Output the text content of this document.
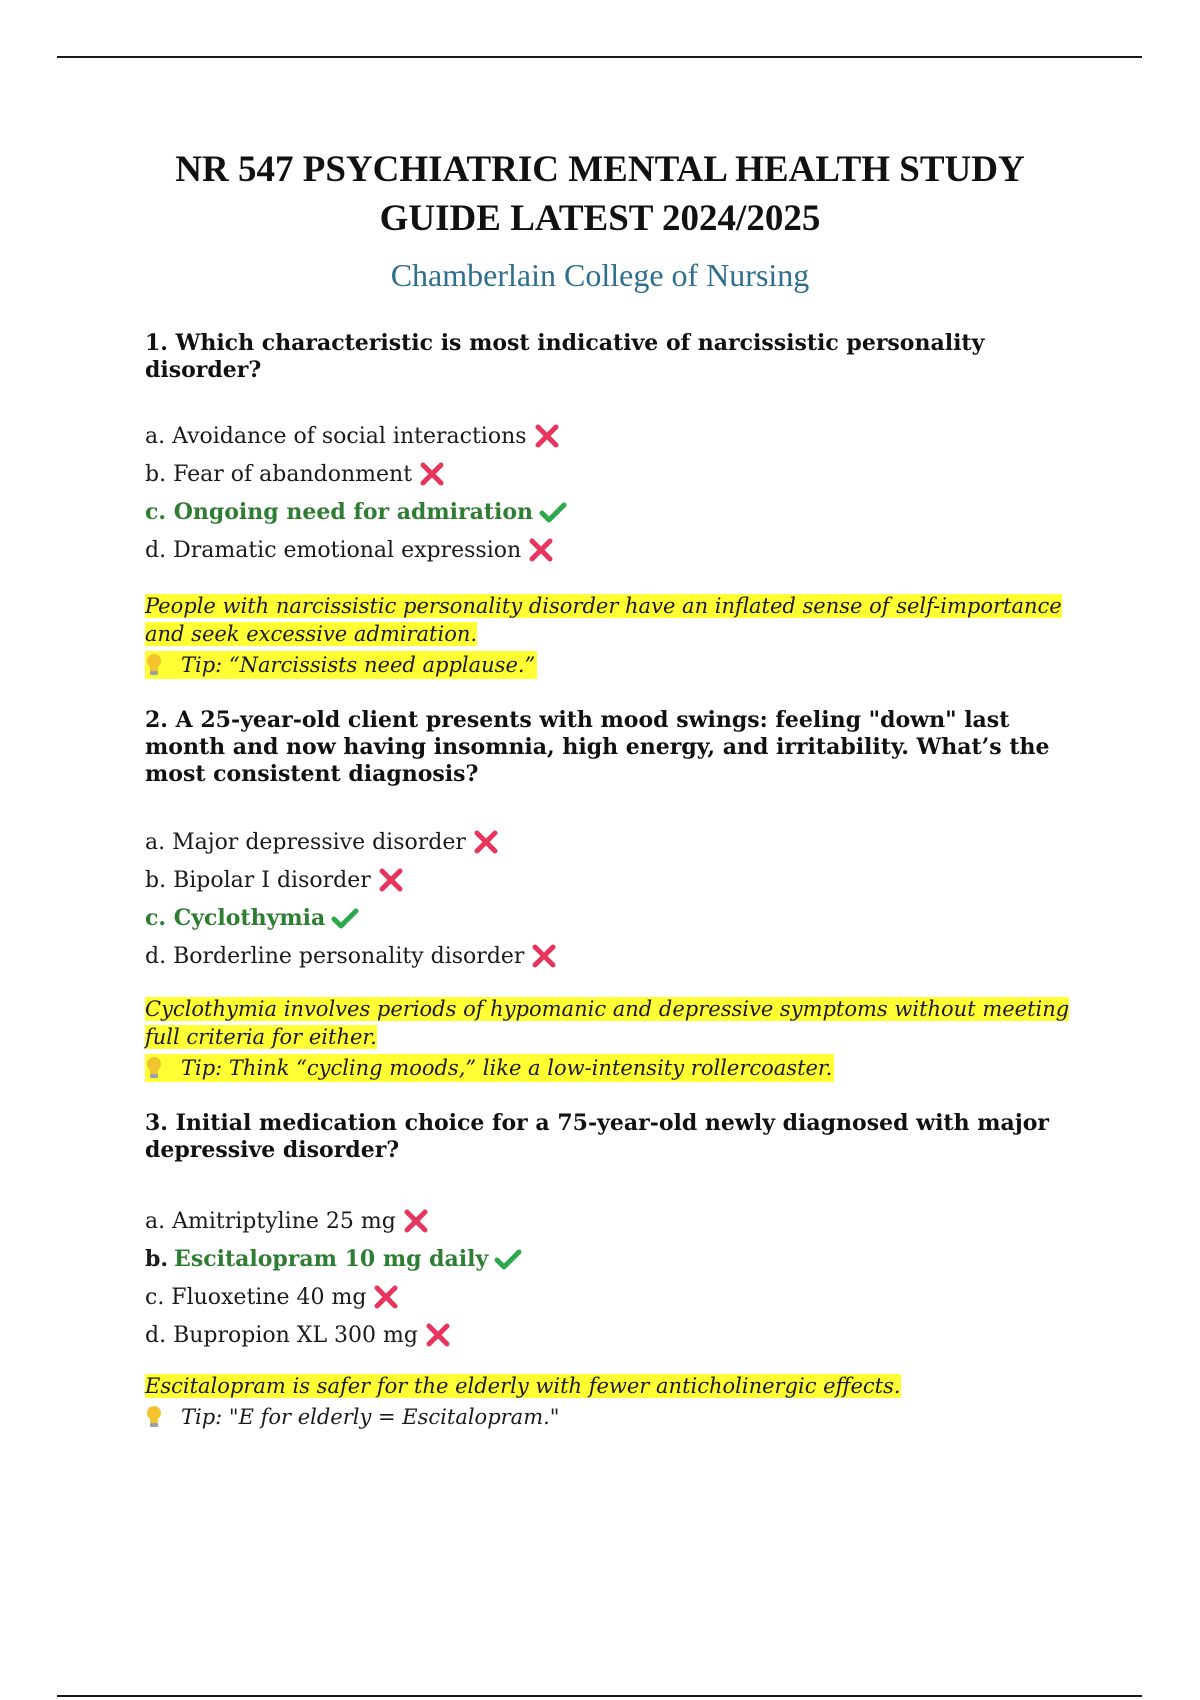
NR 547 PSYCHIATRIC MENTAL HEALTH STUDY
GUIDE LATEST 2024/2025
Chamberlain College of Nursing
1. Which characteristic is most indicative of narcissistic personality disorder?
a. Avoidance of social interactions
b. Fear of abandonment
c. Ongoing need for admiration
d. Dramatic emotional expression
People with narcissistic personality disorder have an inflated sense of self-importance and seek excessive admiration.

Tip: “Narcissists need applause.”
2. A 25-year-old client presents with mood swings: feeling "down" last month and now having insomnia, high energy, and irritability. What’s the most consistent diagnosis?
a. Major depressive disorder
b. Bipolar I disorder
c. Cyclothymia
d. Borderline personality disorder
Cyclothymia involves periods of hypomanic and depressive symptoms without meeting full criteria for either.

Tip: Think “cycling moods,” like a low-intensity rollercoaster.
3. Initial medication choice for a 75-year-old newly diagnosed with major depressive disorder?
a. Amitriptyline 25 mg
b. Escitalopram 10 mg daily
c. Fluoxetine 40 mg
d. Bupropion XL 300 mg
Escitalopram is safer for the elderly with fewer anticholinergic effects.

Tip: "E for elderly = Escitalopram."
